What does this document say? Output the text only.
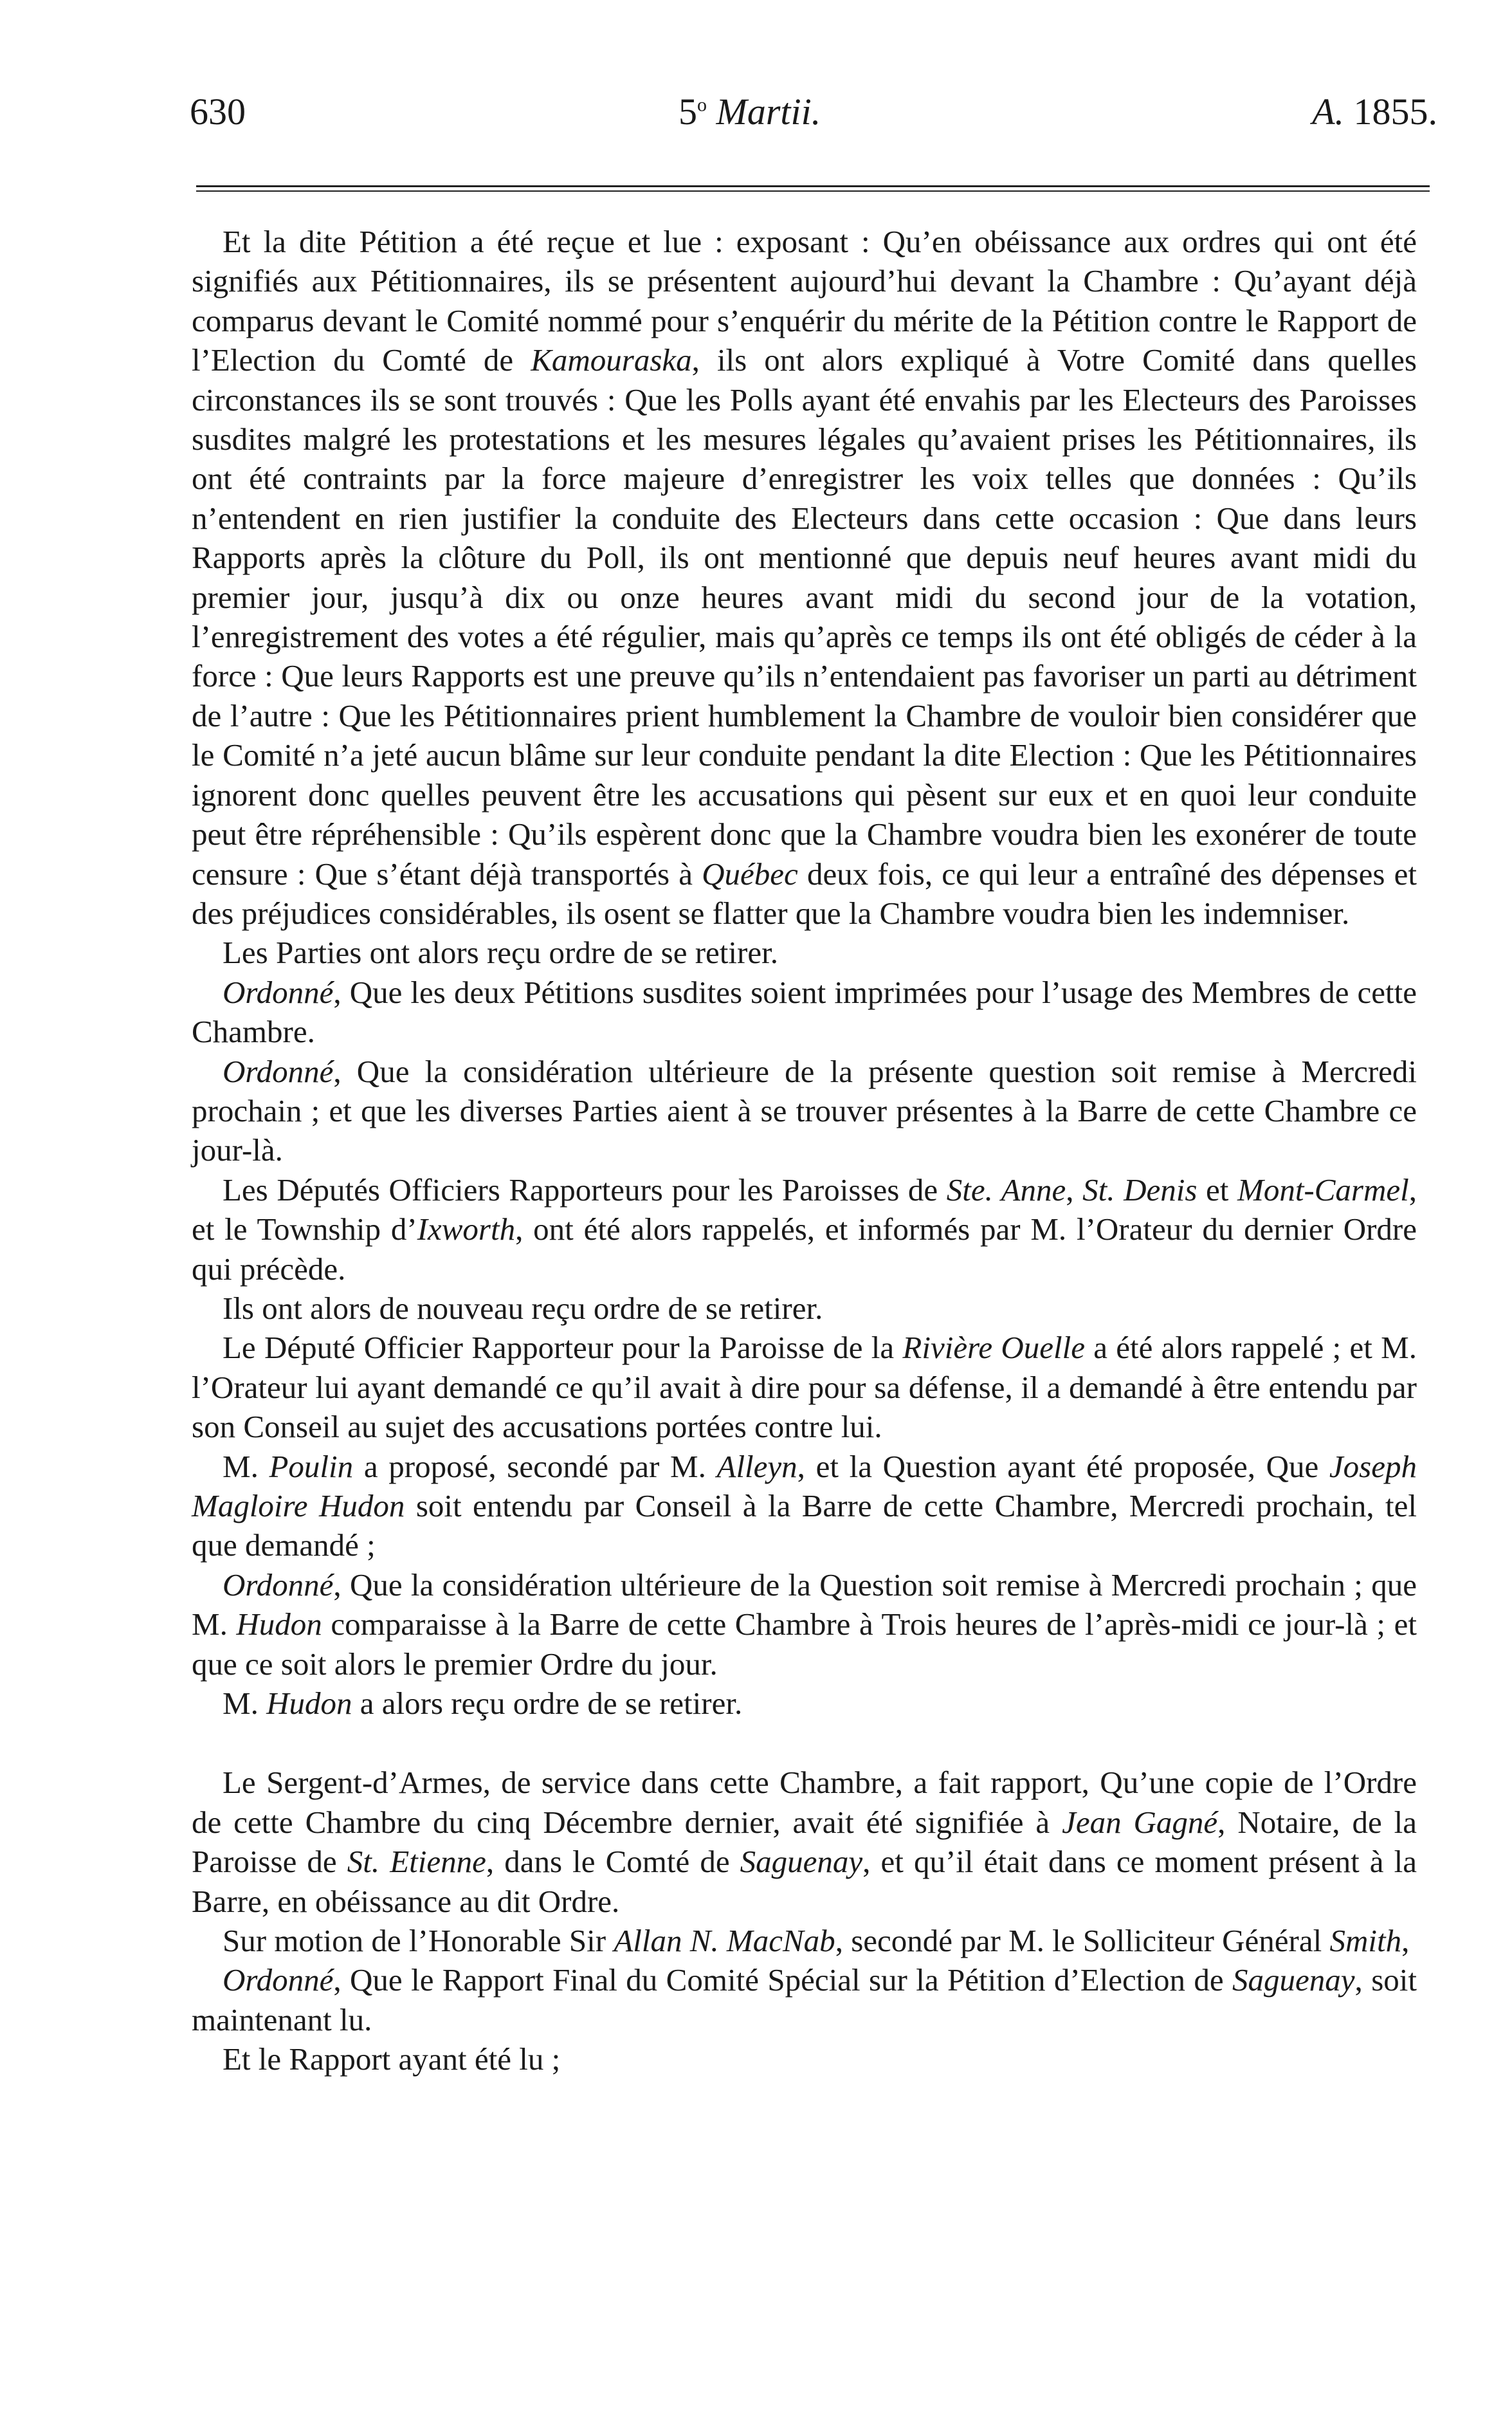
630	5$^o$ Martii.	A. 1855.

Et la dite Pétition a été reçue et lue : exposant : Qu’en obéissance aux ordres qui ont été signifiés aux Pétitionnaires, ils se présentent aujourd’hui devant la Chambre : Qu’ayant déjà comparus devant le Comité nommé pour s’enquérir du mérite de la Pétition contre le Rapport de l’Election du Comté de Kamouraska, ils ont alors expliqué à Votre Comité dans quelles circonstances ils se sont trouvés : Que les Polls ayant été envahis par les Electeurs des Paroisses susdites malgré les protestations et les mesures légales qu’avaient prises les Pétitionnaires, ils ont été contraints par la force majeure d’enregistrer les voix telles que données : Qu’ils n’entendent en rien justifier la conduite des Electeurs dans cette occasion : Que dans leurs Rapports après la clôture du Poll, ils ont mentionné que depuis neuf heures avant midi du premier jour, jusqu’à dix ou onze heures avant midi du second jour de la votation, l’enregistrement des votes a été régulier, mais qu’après ce temps ils ont été obligés de céder à la force : Que leurs Rapports est une preuve qu’ils n’entendaient pas favoriser un parti au détriment de l’autre : Que les Pétitionnaires prient humblement la Chambre de vouloir bien considérer que le Comité n’a jeté aucun blâme sur leur conduite pendant la dite Election : Que les Pétitionnaires ignorent donc quelles peuvent être les accusations qui pèsent sur eux et en quoi leur conduite peut être répréhensible : Qu’ils espèrent donc que la Chambre voudra bien les exonérer de toute censure : Que s’étant déjà transportés à Québec deux fois, ce qui leur a entraîné des dépenses et des préjudices considérables, ils osent se flatter que la Chambre voudra bien les indemniser.

Les Parties ont alors reçu ordre de se retirer.

Ordonné, Que les deux Pétitions susdites soient imprimées pour l’usage des Membres de cette Chambre.

Ordonné, Que la considération ultérieure de la présente question soit remise à Mercredi prochain ; et que les diverses Parties aient à se trouver présentes à la Barre de cette Chambre ce jour-là.

Les Députés Officiers Rapporteurs pour les Paroisses de Ste. Anne, St. Denis et Mont-Carmel, et le Township d’Ixworth, ont été alors rappelés, et informés par M. l’Orateur du dernier Ordre qui précède.

Ils ont alors de nouveau reçu ordre de se retirer.

Le Député Officier Rapporteur pour la Paroisse de la Rivière Ouelle a été alors rappelé ; et M. l’Orateur lui ayant demandé ce qu’il avait à dire pour sa défense, il a demandé à être entendu par son Conseil au sujet des accusations portées contre lui.

M. Poulin a proposé, secondé par M. Alleyn, et la Question ayant été proposée, Que Joseph Magloire Hudon soit entendu par Conseil à la Barre de cette Chambre, Mercredi prochain, tel que demandé ;

Ordonné, Que la considération ultérieure de la Question soit remise à Mercredi prochain ; que M. Hudon comparaisse à la Barre de cette Chambre à Trois heures de l’après-midi ce jour-là ; et que ce soit alors le premier Ordre du jour.

M. Hudon a alors reçu ordre de se retirer.

Le Sergent-d’Armes, de service dans cette Chambre, a fait rapport, Qu’une copie de l’Ordre de cette Chambre du cinq Décembre dernier, avait été signifiée à Jean Gagné, Notaire, de la Paroisse de St. Etienne, dans le Comté de Saguenay, et qu’il était dans ce moment présent à la Barre, en obéissance au dit Ordre.

Sur motion de l’Honorable Sir Allan N. MacNab, secondé par M. le Solliciteur Général Smith,

Ordonné, Que le Rapport Final du Comité Spécial sur la Pétition d’Election de Saguenay, soit maintenant lu.

Et le Rapport ayant été lu ;
